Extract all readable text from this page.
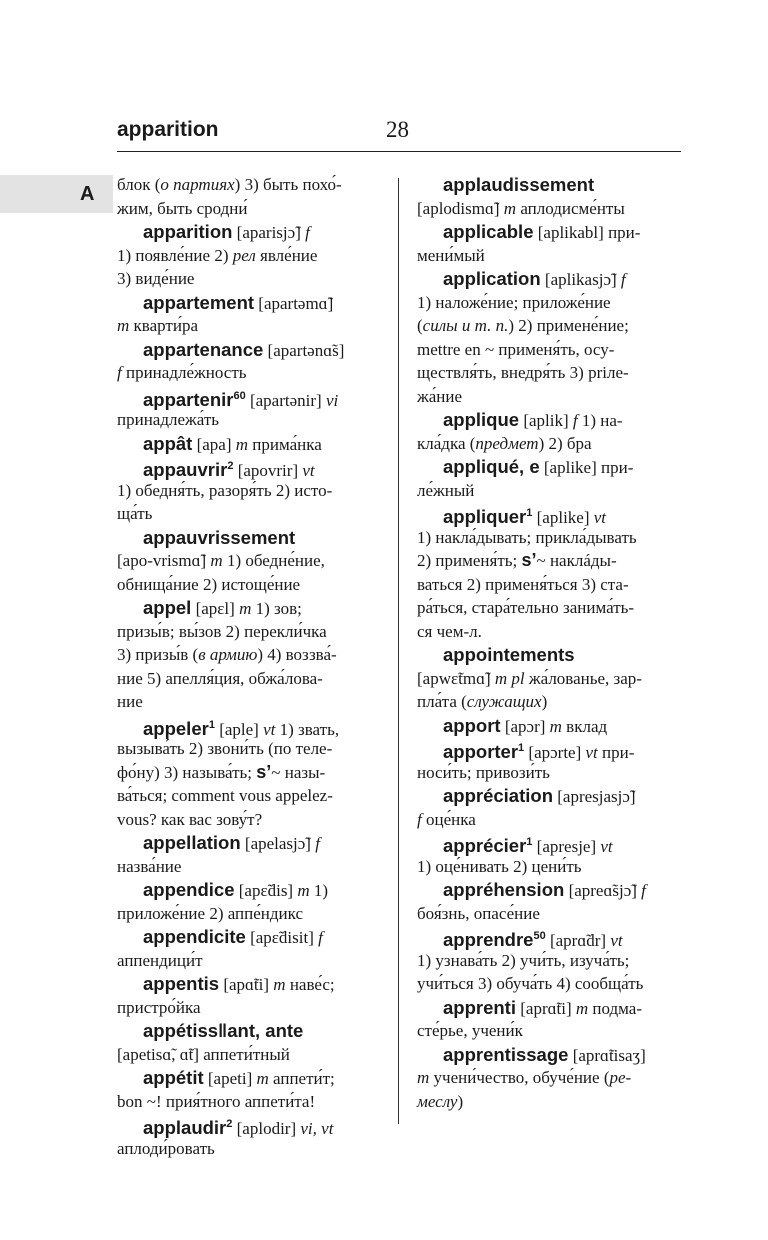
apparition	28
A блок (о партиях) 3) быть похо́-
жим, быть сродни́
apparition [aparisjɔ̃] f
1) появле́ние 2) рел явле́ние
3) виде́ние
appartement [apartəmɑ̃]
m кварти́ра
appartenance [apartənɑ̃s]
f принадле́жность
appartenir$^{60}$ [apartənir] vi
принадлежа́ть
appât [apa] m прима́нка
appauvrir$^2$ [apovrir] vt
1) обедня́ть, разоря́ть 2) исто-
ща́ть
appauvrissement
[apo-vrismɑ̃] m 1) обедне́ние,
обнища́ние 2) истоще́ние
appel [apɛl] m 1) зов;
призы́в; вы́зов 2) перекли́чка
3) призы́в (в армию) 4) воззва́-
ние 5) апелля́ция, обжа́лова-
ние
appeler$^1$ [aple] vt 1) звать,
вызыва́ть 2) звони́ть (по теле-
фо́ну) 3) называ́ть; s’~ назы-
ва́ться; comment vous appelez-
vous? как вас зову́т?
appellation [apelasjɔ̃] f
назва́ние
appendice [apɛ̃dis] m 1)
приложе́ние 2) аппе́ндикс
appendicite [apɛ̃disit] f
аппендици́т
appentis [apɑ̃ti] m наве́с;
пристро́йка
appétiss‖ant, ante
[apetisɑ̃, ɑ̃t] аппети́тный
appétit [apeti] m аппети́т;
bon ~! прия́тного аппети́та!
applaudir$^2$ [aplodir] vi, vt
аплоди́ровать
applaudissement
[aplodismɑ̃] m аплодисме́нты
applicable [aplikabl] при-
мени́мый
application [aplikasjɔ̃] f
1) наложе́ние; приложе́ние
(силы и т. п.) 2) примене́ние;
mettre en ~ применя́ть, осу-
ществля́ть, внедря́ть 3) priле-
жа́ние
applique [aplik] f 1) на-
кла́дка (предмет) 2) бра
appliqué, e [aplike] при-
ле́жный
appliquer$^1$ [aplike] vt
1) накла́дывать; прикла́дывать
2) применя́ть; s’~ наклáды-
ваться 2) применя́ться 3) ста-
ра́ться, стара́тельно занима́ть-
ся чем-л.
appointements
[apwɛ̃tmɑ̃] m pl жа́лованье, зар-
пла́та (служащих)
apport [apɔr] m вклад
apporter$^1$ [apɔrte] vt при-
носи́ть; привози́ть
appréciation [apresjasjɔ̃]
f оце́нка
apprécier$^1$ [apresje] vt
1) оце́нивать 2) цени́ть
appréhension [apreɑ̃sjɔ̃] f
боя́знь, опасе́ние
apprendre$^{50}$ [aprɑ̃dr] vt
1) узнава́ть 2) учи́ть, изуча́ть;
учи́ться 3) обуча́ть 4) сообща́ть
apprenti [aprɑ̃ti] m подма-
сте́рье, учени́к
apprentissage [aprɑ̃tisaʒ]
m учени́чество, обуче́ние (ре-
меслу)
